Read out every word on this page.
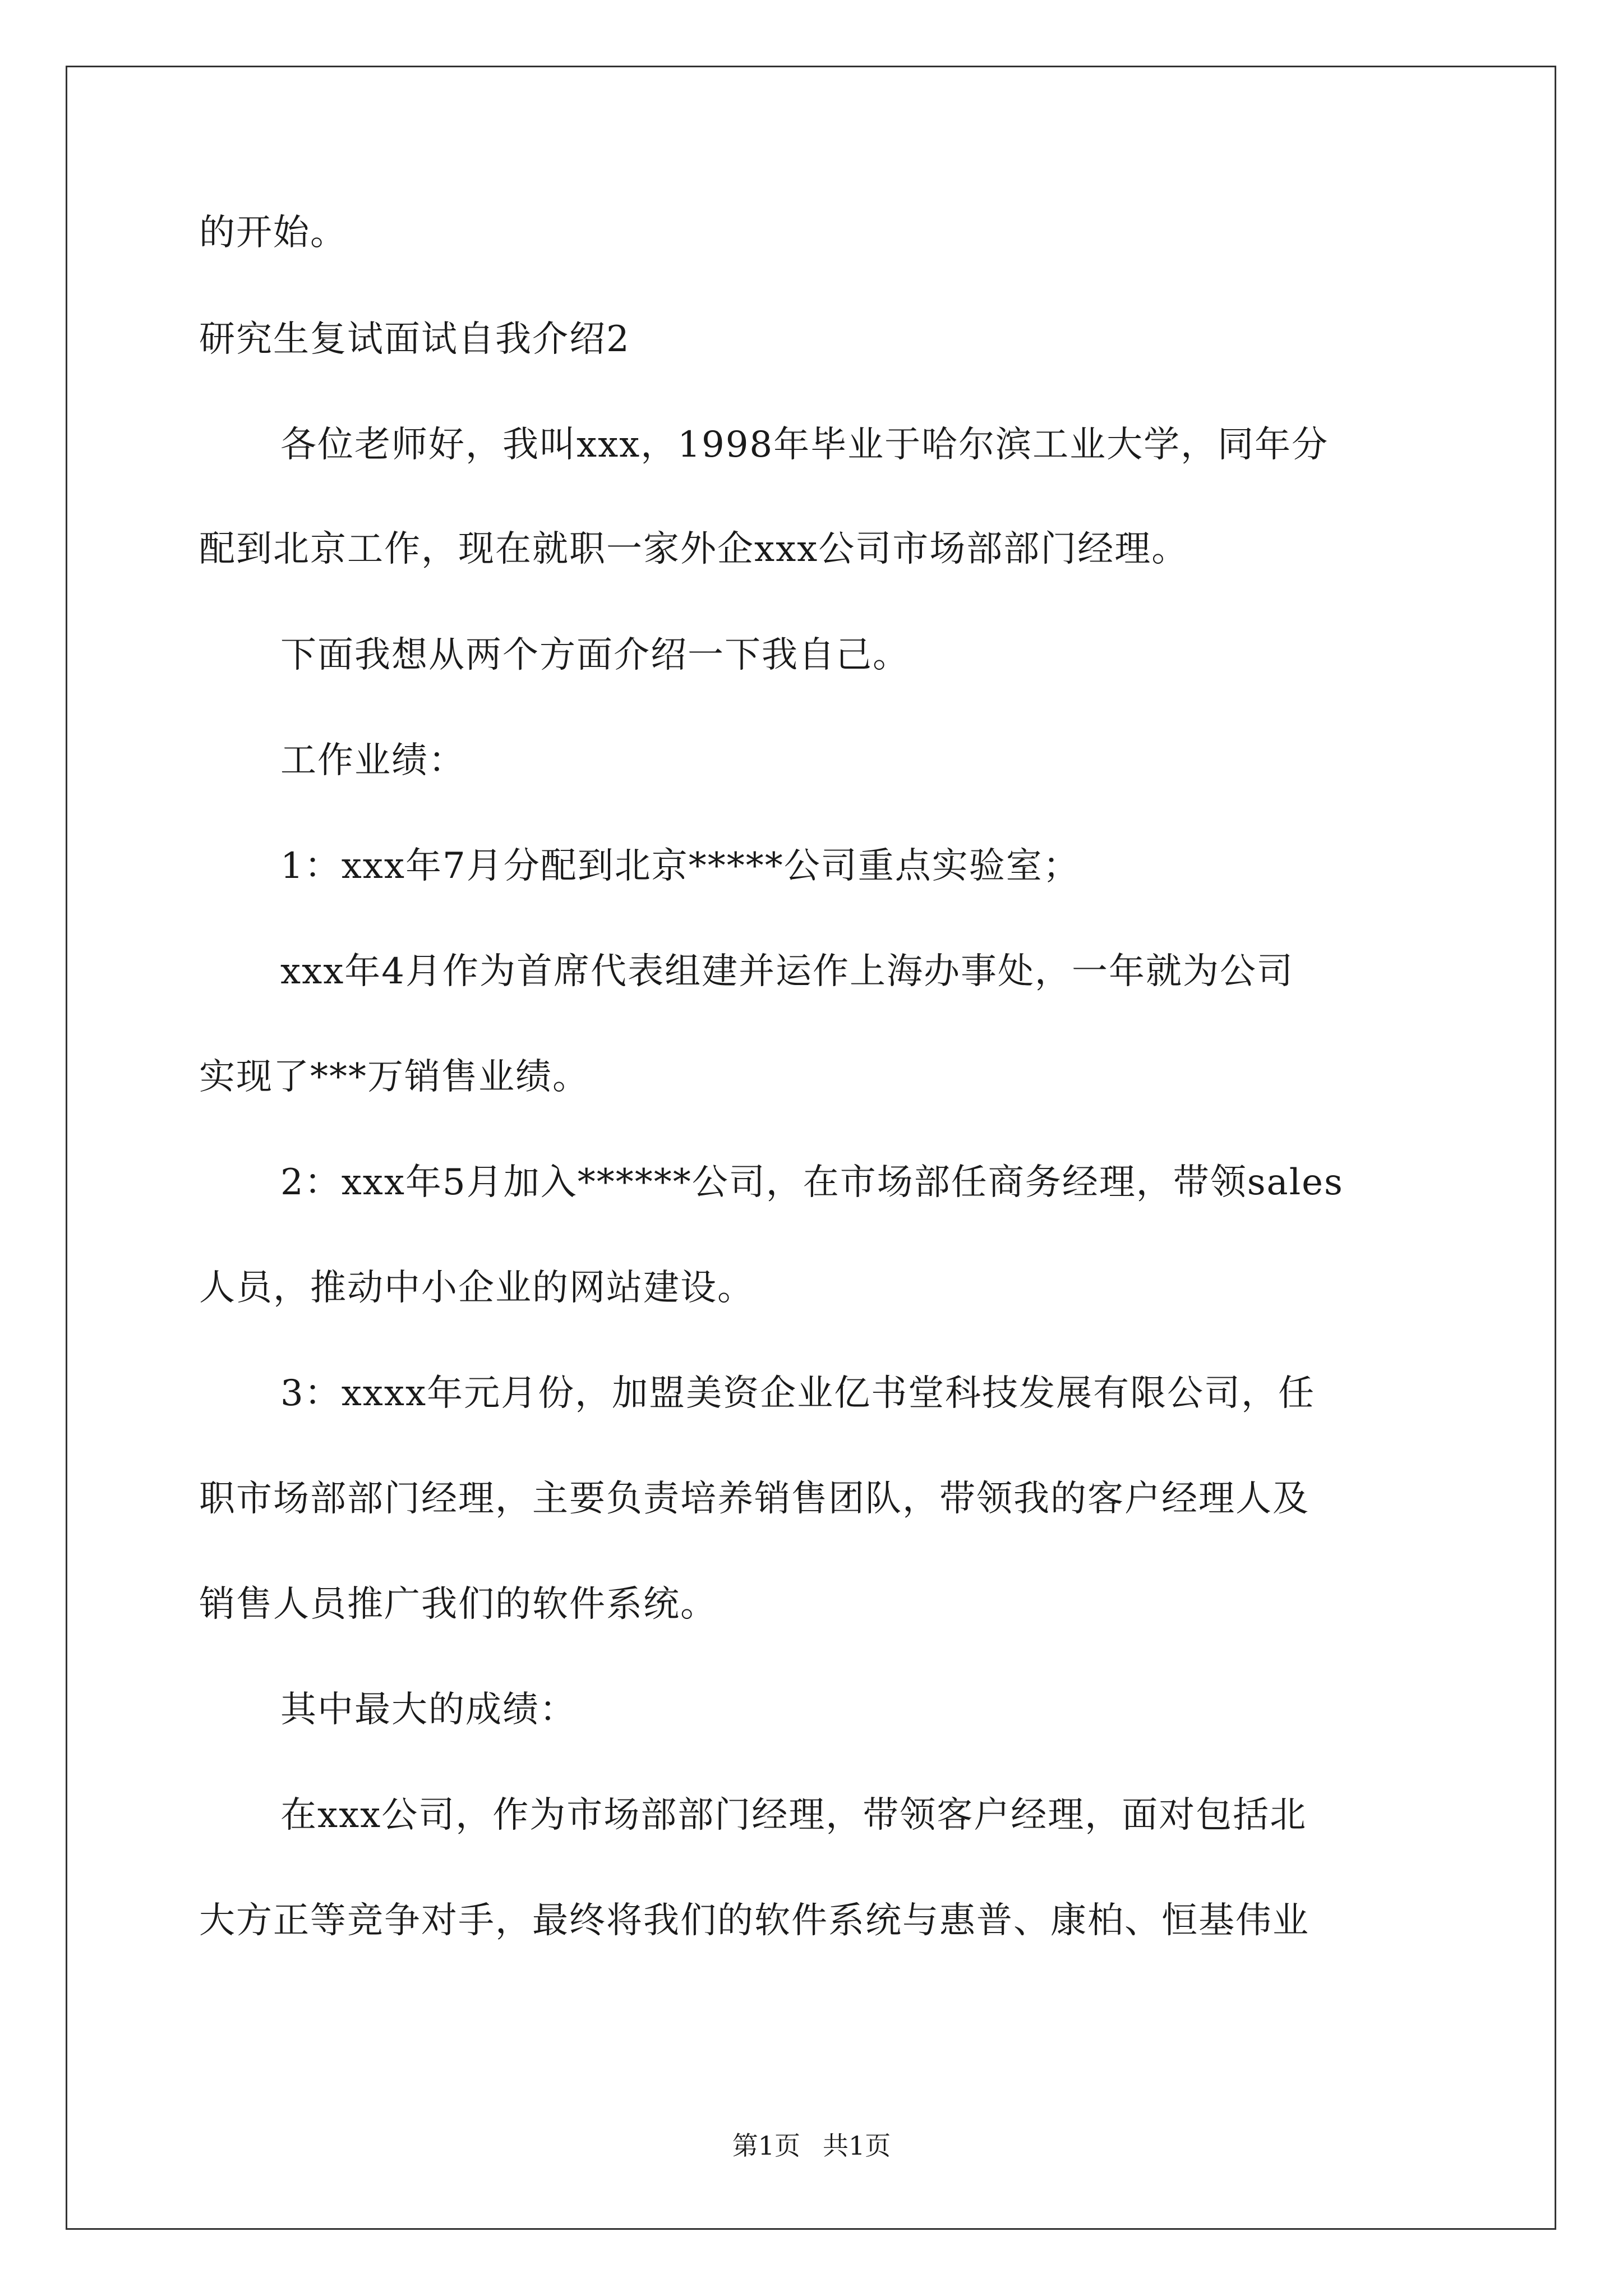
的开始。
研究生复试面试自我介绍2
各位老师好，我叫xxx，1998年毕业于哈尔滨工业大学，同年分
配到北京工作，现在就职一家外企xxx公司市场部部门经理。
下面我想从两个方面介绍一下我自己。
工作业绩：
1：xxx年7月分配到北京*****公司重点实验室；
xxx年4月作为首席代表组建并运作上海办事处，一年就为公司
实现了***万销售业绩。
2：xxx年5月加入******公司，在市场部任商务经理，带领sales
人员，推动中小企业的网站建设。
3：xxxx年元月份，加盟美资企业亿书堂科技发展有限公司，任
职市场部部门经理，主要负责培养销售团队，带领我的客户经理人及
销售人员推广我们的软件系统。
其中最大的成绩：
在xxx公司，作为市场部部门经理，带领客户经理，面对包括北
大方正等竞争对手，最终将我们的软件系统与惠普、康柏、恒基伟业
第1页 共1页
